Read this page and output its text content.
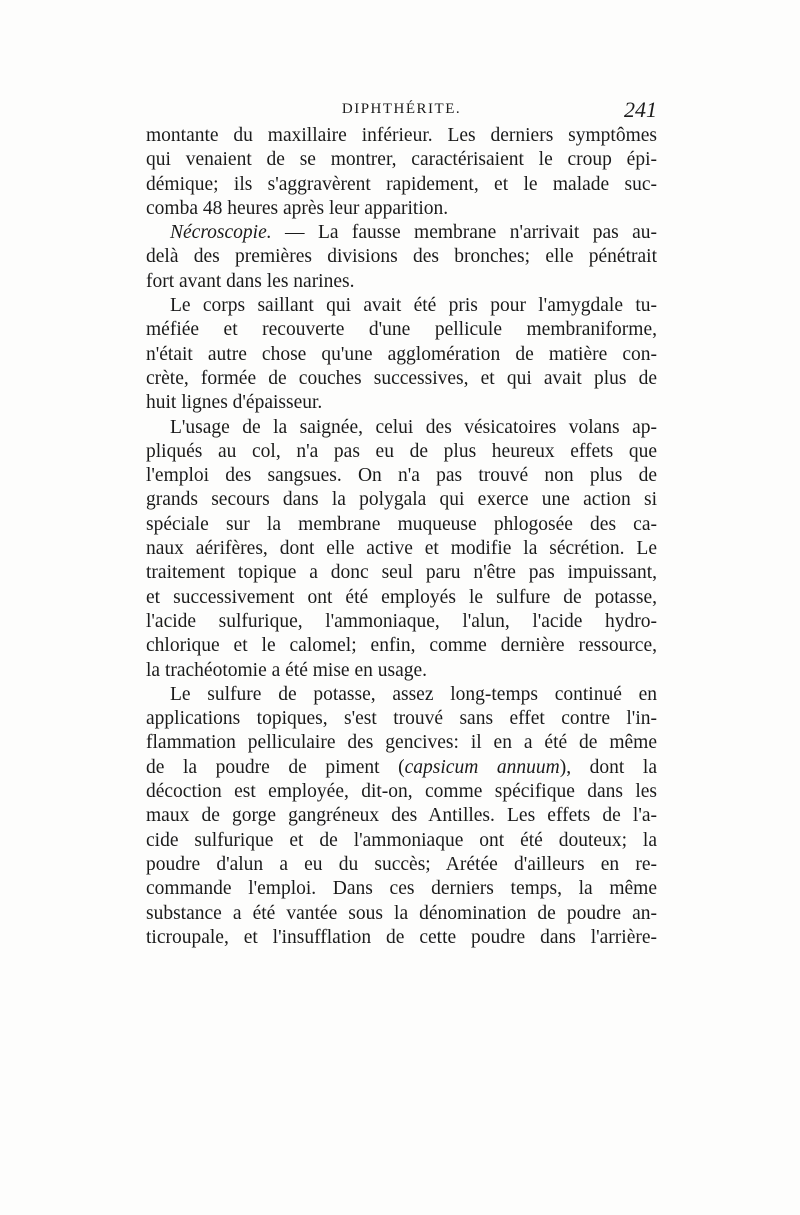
DIPHTHÉRITE.	241
montante du maxillaire inférieur. Les derniers symptômes
qui venaient de se montrer, caractérisaient le croup épi-
démique; ils s'aggravèrent rapidement, et le malade suc-
comba 48 heures après leur apparition.
Nécroscopie. — La fausse membrane n'arrivait pas au-
delà des premières divisions des bronches; elle pénétrait
fort avant dans les narines.
Le corps saillant qui avait été pris pour l'amygdale tu-
méfiée et recouverte d'une pellicule membraniforme,
n'était autre chose qu'une agglomération de matière con-
crète, formée de couches successives, et qui avait plus de
huit lignes d'épaisseur.
L'usage de la saignée, celui des vésicatoires volans ap-
pliqués au col, n'a pas eu de plus heureux effets que
l'emploi des sangsues. On n'a pas trouvé non plus de
grands secours dans la polygala qui exerce une action si
spéciale sur la membrane muqueuse phlogosée des ca-
naux aérifères, dont elle active et modifie la sécrétion. Le
traitement topique a donc seul paru n'être pas impuissant,
et successivement ont été employés le sulfure de potasse,
l'acide sulfurique, l'ammoniaque, l'alun, l'acide hydro-
chlorique et le calomel; enfin, comme dernière ressource,
la trachéotomie a été mise en usage.
Le sulfure de potasse, assez long-temps continué en
applications topiques, s'est trouvé sans effet contre l'in-
flammation pelliculaire des gencives: il en a été de même
de la poudre de piment (capsicum annuum), dont la
décoction est employée, dit-on, comme spécifique dans les
maux de gorge gangréneux des Antilles. Les effets de l'a-
cide sulfurique et de l'ammoniaque ont été douteux; la
poudre d'alun a eu du succès; Arétée d'ailleurs en re-
commande l'emploi. Dans ces derniers temps, la même
substance a été vantée sous la dénomination de poudre an-
ticroupale, et l'insufflation de cette poudre dans l'arrière-
